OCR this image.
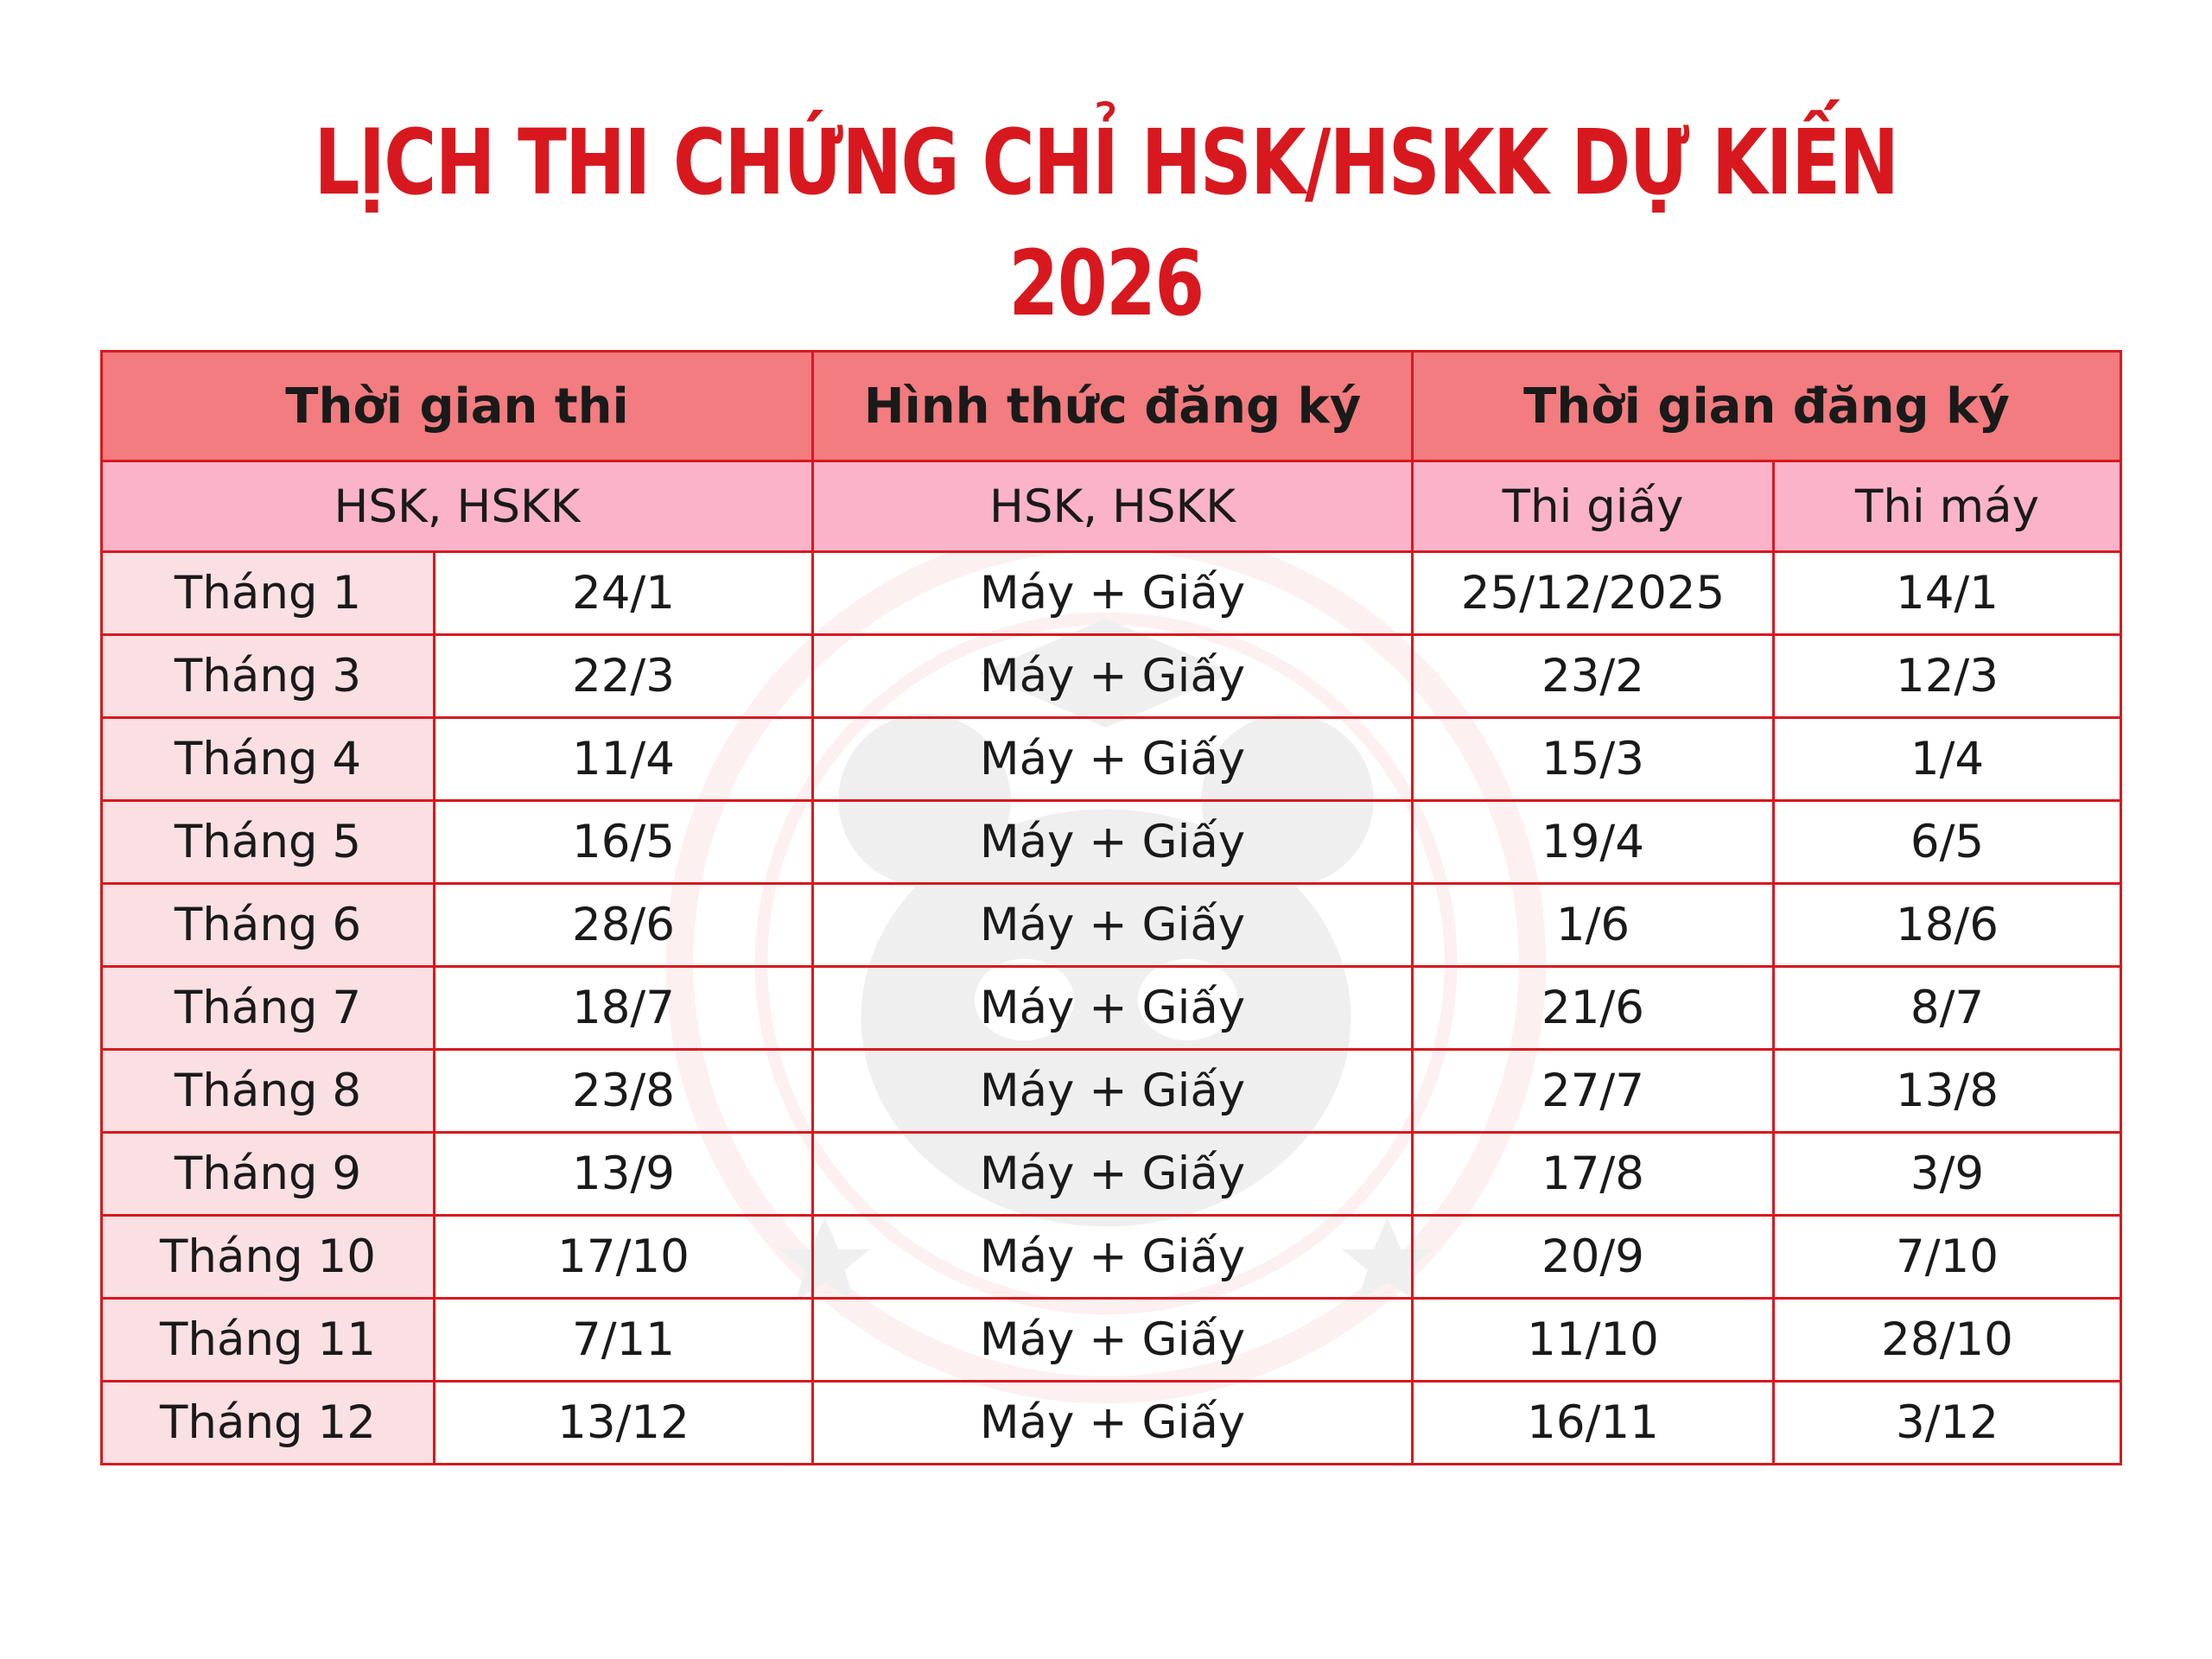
LỊCH THI CHỨNG CHỈ HSK/HSKK DỰ KIẾN 2026
Thời gian thi		Hình thức đăng ký	Thời gian đăng ký	
HSK, HSKK		HSK, HSKK	Thi giấy	Thi máy
Tháng 1	24/1	Máy + Giấy	25/12/2025	14/1
Tháng 3	22/3	Máy + Giấy	23/2	12/3
Tháng 4	11/4	Máy + Giấy	15/3	1/4
Tháng 5	16/5	Máy + Giấy	19/4	6/5
Tháng 6	28/6	Máy + Giấy	1/6	18/6
Tháng 7	18/7	Máy + Giấy	21/6	8/7
Tháng 8	23/8	Máy + Giấy	27/7	13/8
Tháng 9	13/9	Máy + Giấy	17/8	3/9
Tháng 10	17/10	Máy + Giấy	20/9	7/10
Tháng 11	7/11	Máy + Giấy	11/10	28/10
Tháng 12	13/12	Máy + Giấy	16/11	3/12
